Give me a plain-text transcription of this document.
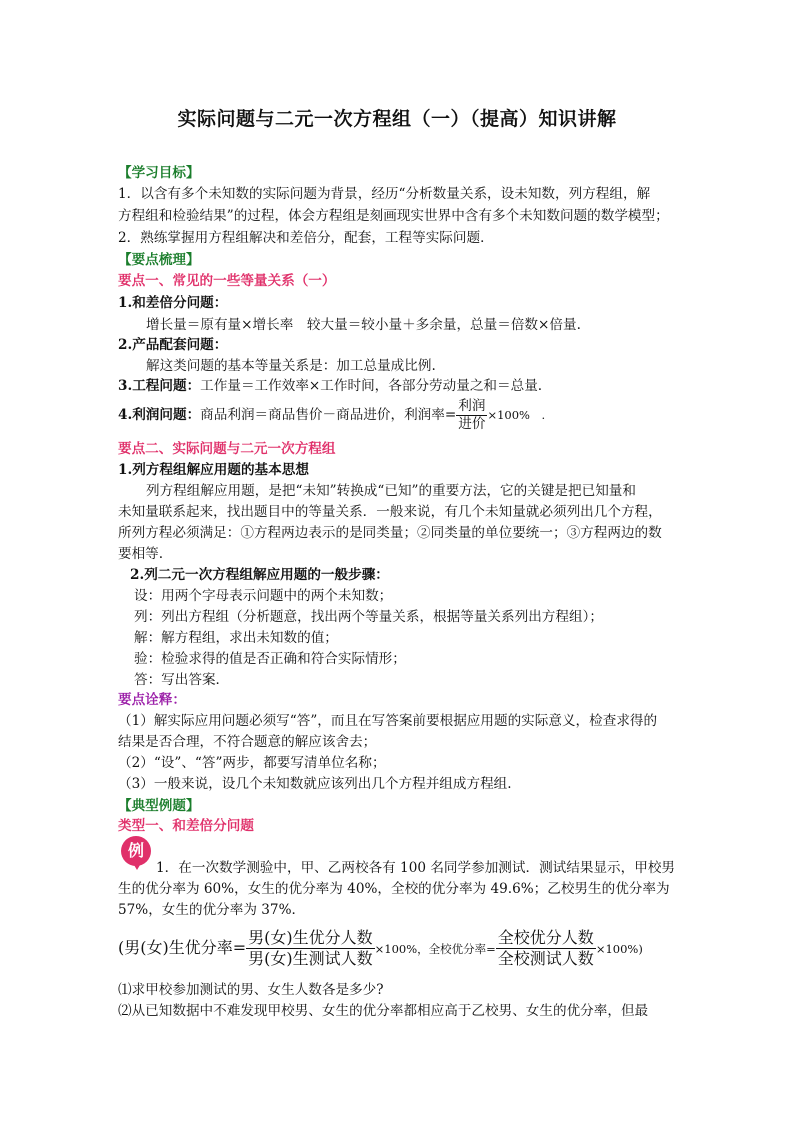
实际问题与二元一次方程组（一）（提高）知识讲解
【学习目标】
1．以含有多个未知数的实际问题为背景，经历“分析数量关系，设未知数，列方程组，解
方程组和检验结果”的过程，体会方程组是刻画现实世界中含有多个未知数问题的数学模型；
2．熟练掌握用方程组解决和差倍分，配套，工程等实际问题．
【要点梳理】
要点一、常见的一些等量关系（一）
1.和差倍分问题：
增长量＝原有量×增长率　较大量＝较小量＋多余量，总量＝倍数×倍量.
2.产品配套问题：
解这类问题的基本等量关系是：加工总量成比例.
3.工程问题：工作量＝工作效率×工作时间，各部分劳动量之和＝总量.
4.利润问题：商品利润＝商品售价－商品进价，利润率= $\frac{\text{利润}}{\text{进价}} \times 100\%$　.
要点二、实际问题与二元一次方程组
1.列方程组解应用题的基本思想
列方程组解应用题，是把“未知”转换成“已知”的重要方法，它的关键是把已知量和
未知量联系起来，找出题目中的等量关系．一般来说，有几个未知量就必须列出几个方程，
所列方程必须满足：①方程两边表示的是同类量；②同类量的单位要统一；③方程两边的数
要相等.
2.列二元一次方程组解应用题的一般步骤：
设：用两个字母表示问题中的两个未知数；
列：列出方程组（分析题意，找出两个等量关系，根据等量关系列出方程组）；
解：解方程组，求出未知数的值；
验：检验求得的值是否正确和符合实际情形；
答：写出答案．
要点诠释：
（1）解实际应用问题必须写“答”，而且在写答案前要根据应用题的实际意义，检查求得的
结果是否合理，不符合题意的解应该舍去；
（2）“设”、“答”两步，都要写清单位名称；
（3）一般来说，设几个未知数就应该列出几个方程并组成方程组.
【典型例题】
类型一、和差倍分问题
例
1．在一次数学测验中，甲、乙两校各有 100 名同学参加测试．测试结果显示，甲校男
生的优分率为 60%，女生的优分率为 40%，全校的优分率为 49.6%；乙校男生的优分率为
57%，女生的优分率为 37%．
(男(女)生优分率= $\frac{\text{男(女)生优分人数}}{\text{男(女)生测试人数}} \times 100\%$，全校优分率= $\frac{\text{全校优分人数}}{\text{全校测试人数}} \times 100\%$)
⑴求甲校参加测试的男、女生人数各是多少?
⑵从已知数据中不难发现甲校男、女生的优分率都相应高于乙校男、女生的优分率，但最
